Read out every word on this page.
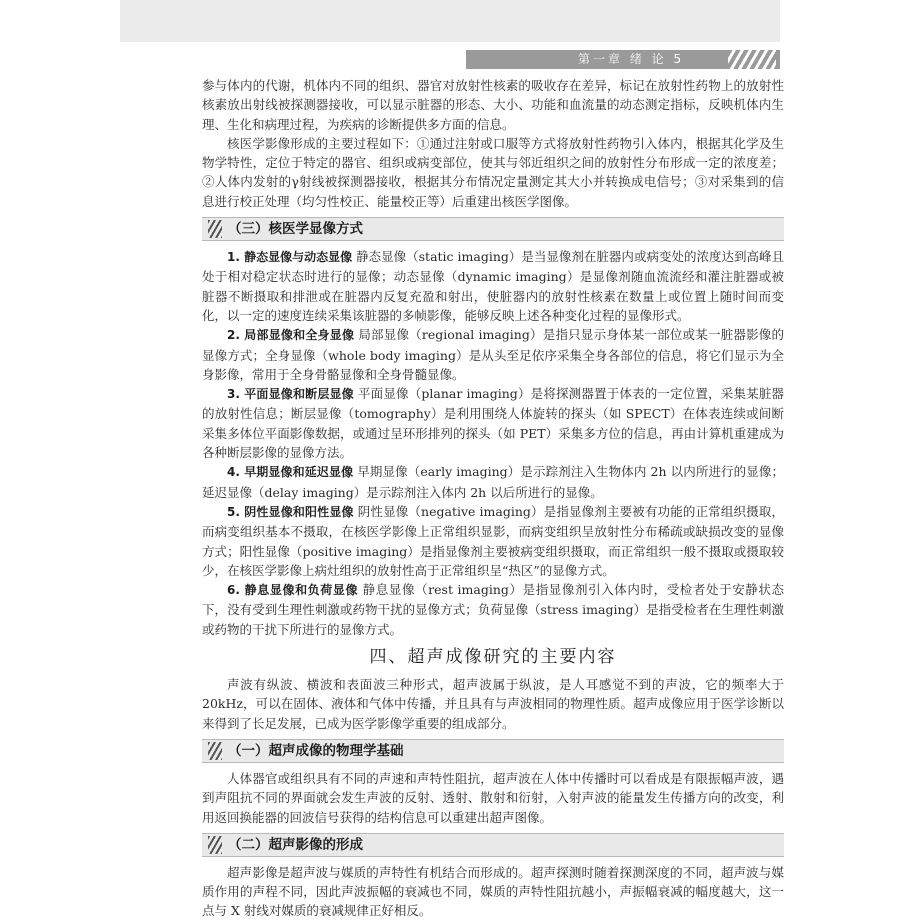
第一章 绪 论 5

参与体内的代谢，机体内不同的组织、器官对放射性核素的吸收存在差异，标记在放射性药物上的放射性核素放出射线被探测器接收，可以显示脏器的形态、大小、功能和血流量的动态测定指标，反映机体内生理、生化和病理过程，为疾病的诊断提供多方面的信息。

核医学影像形成的主要过程如下：①通过注射或口服等方式将放射性药物引入体内，根据其化学及生物学特性，定位于特定的器官、组织或病变部位，使其与邻近组织之间的放射性分布形成一定的浓度差；②人体内发射的γ射线被探测器接收，根据其分布情况定量测定其大小并转换成电信号；③对采集到的信息进行校正处理（均匀性校正、能量校正等）后重建出核医学图像。

（三）核医学显像方式

1. 静态显像与动态显像 静态显像（static imaging）是当显像剂在脏器内或病变处的浓度达到高峰且处于相对稳定状态时进行的显像；动态显像（dynamic imaging）是显像剂随血流流经和灌注脏器或被脏器不断摄取和排泄或在脏器内反复充盈和射出，使脏器内的放射性核素在数量上或位置上随时间而变化，以一定的速度连续采集该脏器的多帧影像，能够反映上述各种变化过程的显像形式。

2. 局部显像和全身显像 局部显像（regional imaging）是指只显示身体某一部位或某一脏器影像的显像方式；全身显像（whole body imaging）是从头至足依序采集全身各部位的信息，将它们显示为全身影像，常用于全身骨骼显像和全身骨髓显像。

3. 平面显像和断层显像 平面显像（planar imaging）是将探测器置于体表的一定位置，采集某脏器的放射性信息；断层显像（tomography）是利用围绕人体旋转的探头（如 SPECT）在体表连续或间断采集多体位平面影像数据，或通过呈环形排列的探头（如 PET）采集多方位的信息，再由计算机重建成为各种断层影像的显像方法。

4. 早期显像和延迟显像 早期显像（early imaging）是示踪剂注入生物体内 2h 以内所进行的显像；延迟显像（delay imaging）是示踪剂注入体内 2h 以后所进行的显像。

5. 阴性显像和阳性显像 阴性显像（negative imaging）是指显像剂主要被有功能的正常组织摄取，而病变组织基本不摄取，在核医学影像上正常组织显影，而病变组织呈放射性分布稀疏或缺损改变的显像方式；阳性显像（positive imaging）是指显像剂主要被病变组织摄取，而正常组织一般不摄取或摄取较少，在核医学影像上病灶组织的放射性高于正常组织呈“热区”的显像方式。

6. 静息显像和负荷显像 静息显像（rest imaging）是指显像剂引入体内时，受检者处于安静状态下，没有受到生理性刺激或药物干扰的显像方式；负荷显像（stress imaging）是指受检者在生理性刺激或药物的干扰下所进行的显像方式。

四、超声成像研究的主要内容

声波有纵波、横波和表面波三种形式，超声波属于纵波，是人耳感觉不到的声波，它的频率大于 20kHz，可以在固体、液体和气体中传播，并且具有与声波相同的物理性质。超声成像应用于医学诊断以来得到了长足发展，已成为医学影像学重要的组成部分。

（一）超声成像的物理学基础

人体器官或组织具有不同的声速和声特性阻抗，超声波在人体中传播时可以看成是有限振幅声波，遇到声阻抗不同的界面就会发生声波的反射、透射、散射和衍射，入射声波的能量发生传播方向的改变，利用返回换能器的回波信号获得的结构信息可以重建出超声图像。

（二）超声影像的形成

超声影像是超声波与媒质的声特性有机结合而形成的。超声探测时随着探测深度的不同，超声波与媒质作用的声程不同，因此声波振幅的衰减也不同，媒质的声特性阻抗越小，声振幅衰减的幅度越大，这一点与 X 射线对媒质的衰减规律正好相反。
